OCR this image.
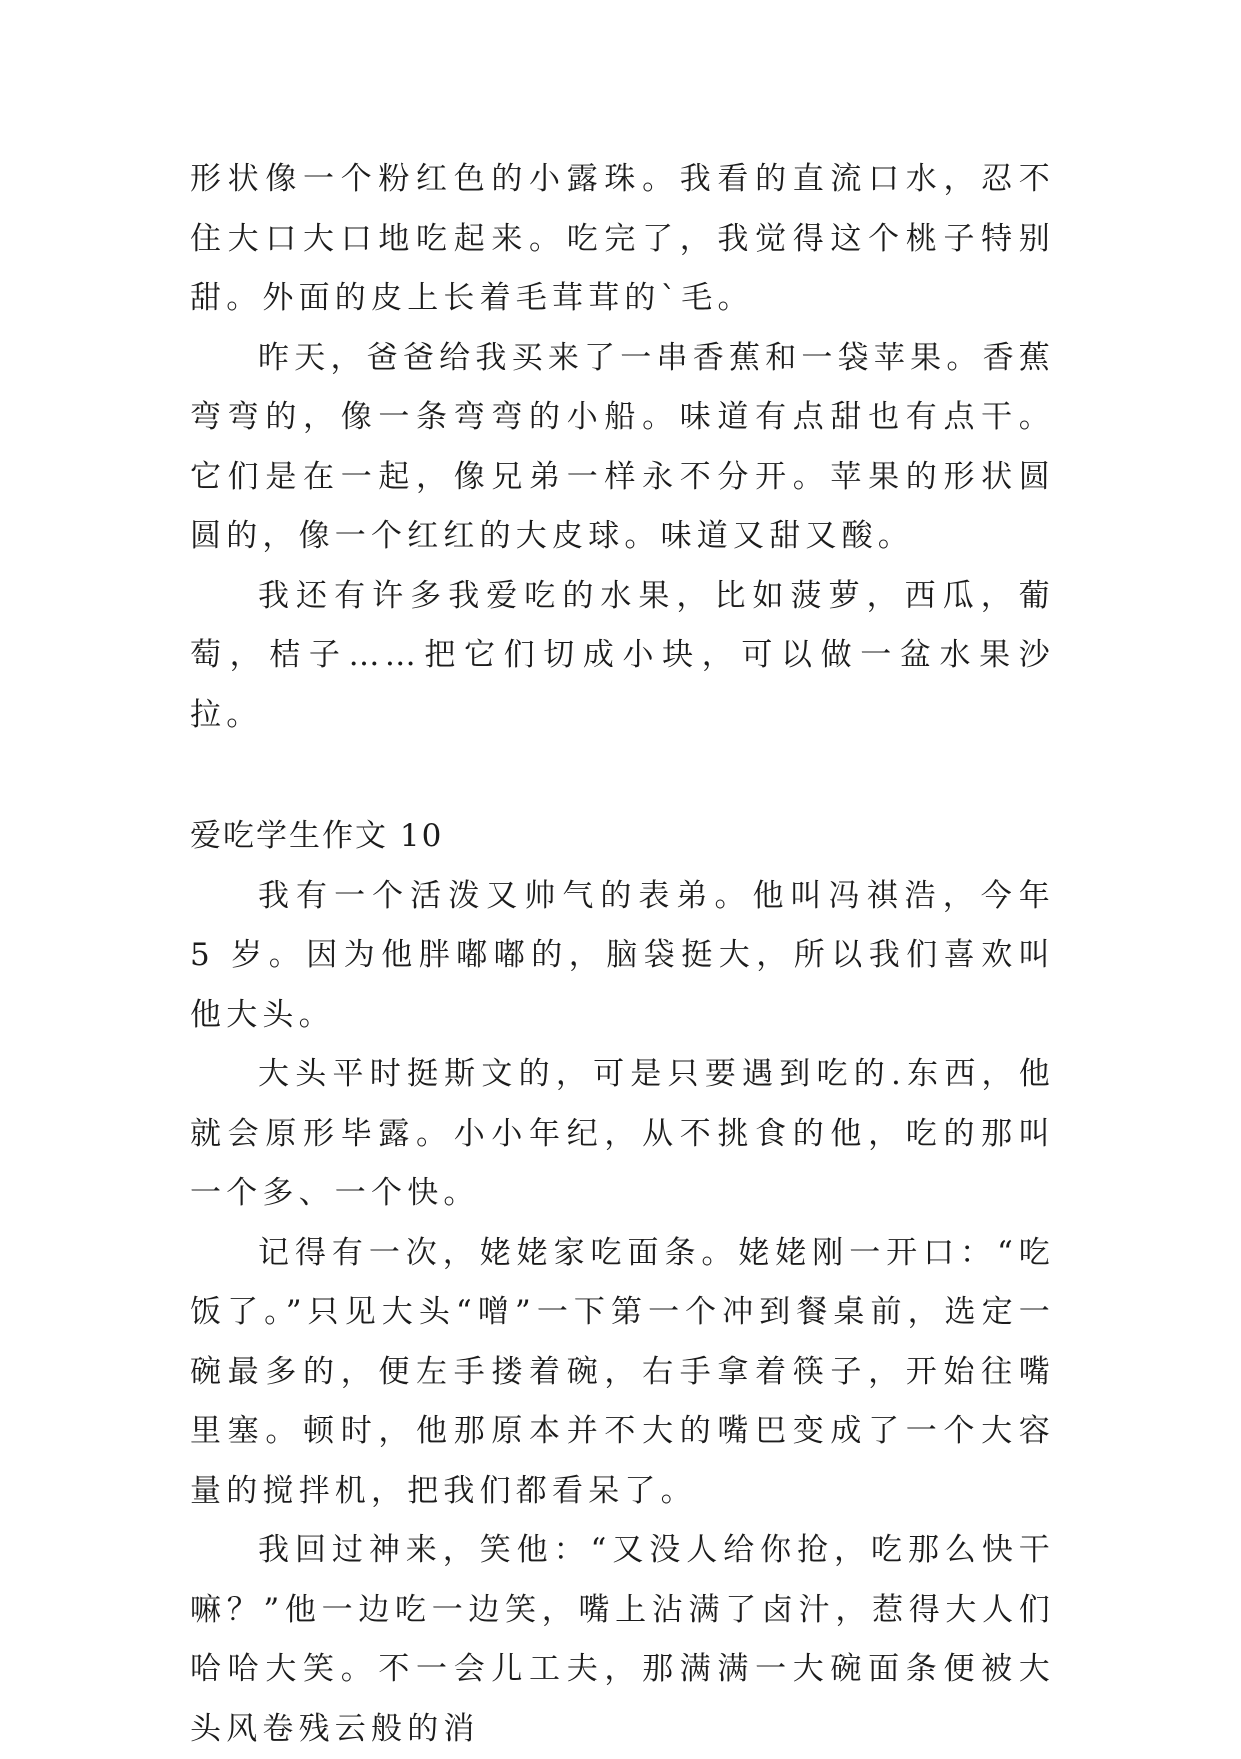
形状像一个粉红色的小露珠。我看的直流口水，忍不住大口大口地吃起来。吃完了，我觉得这个桃子特别甜。外面的皮上长着毛茸茸的`毛。

昨天，爸爸给我买来了一串香蕉和一袋苹果。香蕉弯弯的，像一条弯弯的小船。味道有点甜也有点干。它们是在一起，像兄弟一样永不分开。苹果的形状圆圆的，像一个红红的大皮球。味道又甜又酸。

我还有许多我爱吃的水果，比如菠萝，西瓜，葡萄，桔子……把它们切成小块，可以做一盆水果沙拉。

爱吃学生作文 10

我有一个活泼又帅气的表弟。他叫冯祺浩，今年 5 岁。因为他胖嘟嘟的，脑袋挺大，所以我们喜欢叫他大头。

大头平时挺斯文的，可是只要遇到吃的.东西，他就会原形毕露。小小年纪，从不挑食的他，吃的那叫一个多、一个快。

记得有一次，姥姥家吃面条。姥姥刚一开口：“吃饭了。”只见大头“噌”一下第一个冲到餐桌前，选定一碗最多的，便左手搂着碗，右手拿着筷子，开始往嘴里塞。顿时，他那原本并不大的嘴巴变成了一个大容量的搅拌机，把我们都看呆了。

我回过神来，笑他：“又没人给你抢，吃那么快干嘛？”他一边吃一边笑，嘴上沾满了卤汁，惹得大人们哈哈大笑。不一会儿工夫，那满满一大碗面条便被大头风卷残云般的消
